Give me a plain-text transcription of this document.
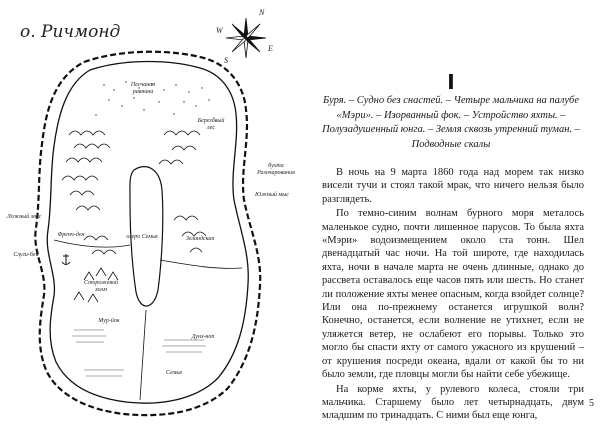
о. Ричмонд
N
W
E
S
Песчаная равнина
Березовый лес
бухта Разочарования
Южный мыс
Ложный мыс
Слуги-бей
Френч-ден	озеро Семья	Зеландская
Сторожевой холм
Мур-йок
Дунз-ноп
Семья
I
Буря. – Судно без снастей. – Четыре мальчика на палубе «Мэри». – Изорванный фок. – Устройство яхты. – Полузадушенный юнга. – Земля сквозь утренний туман. – Подводные скалы

В ночь на 9 марта 1860 года над морем так низко висели тучи и стоял такой мрак, что ничего нельзя было разглядеть.

По темно-синим волнам бурного моря металось маленькое судно, почти лишенное парусов. То была яхта «Мэри» водоизмещением около ста тонн. Шел двенадцатый час ночи. На той широте, где находилась яхта, ночи в начале марта не очень длинные, однако до рассвета оставалось еще часов пять или шесть. Но станет ли положение яхты менее опасным, когда взойдет солнце? Или она по-прежнему останется игрушкой волн? Конечно, останется, если волнение не утихнет, если не уляжется ветер, не ослабеют его порывы. Только это могло бы спасти яхту от самого ужасного из крушений – от крушения посреди океана, вдали от какой бы то ни было земли, где пловцы могли бы найти себе убежище.

На корме яхты, у рулевого колеса, стояли три мальчика. Старшему было лет четырнадцать, двум младшим по тринадцать. С ними был еще юнга,

5
